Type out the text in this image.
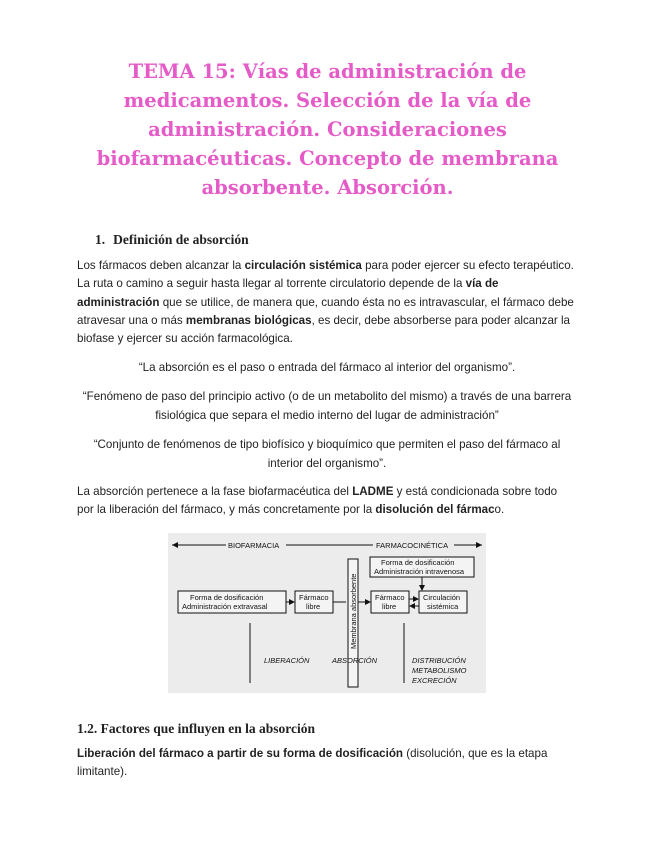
TEMA 15: Vías de administración de medicamentos. Selección de la vía de administración. Consideraciones biofarmacéuticas. Concepto de membrana absorbente. Absorción.
1. Definición de absorción

Los fármacos deben alcanzar la circulación sistémica para poder ejercer su efecto terapéutico. La ruta o camino a seguir hasta llegar al torrente circulatorio depende de la vía de administración que se utilice, de manera que, cuando ésta no es intravascular, el fármaco debe atravesar una o más membranas biológicas, es decir, debe absorberse para poder alcanzar la biofase y ejercer su acción farmacológica.

“La absorción es el paso o entrada del fármaco al interior del organismo”.

“Fenómeno de paso del principio activo (o de un metabolito del mismo) a través de una barrera fisiológica que separa el medio interno del lugar de administración”

“Conjunto de fenómenos de tipo biofísico y bioquímico que permiten el paso del fármaco al interior del organismo”.

La absorción pertenece a la fase biofarmacéutica del LADME y está condicionada sobre todo por la liberación del fármaco, y más concretamente por la disolución del fármaco.

BIOFARMACIA	FARMACOCINÉTICA
Forma de dosificación
Administración intravenosa
Forma de dosificación
Administración extravasal
Fármaco
libre	Membrana absorbente Fármaco
libre
Circulación
sistémica
LIBERACIÓN	ABSORCIÓN	DISTRIBUCIÓN
METABOLISMO
EXCRECIÓN
1.2. Factores que influyen en la absorción

Liberación del fármaco a partir de su forma de dosificación (disolución, que es la etapa limitante).
